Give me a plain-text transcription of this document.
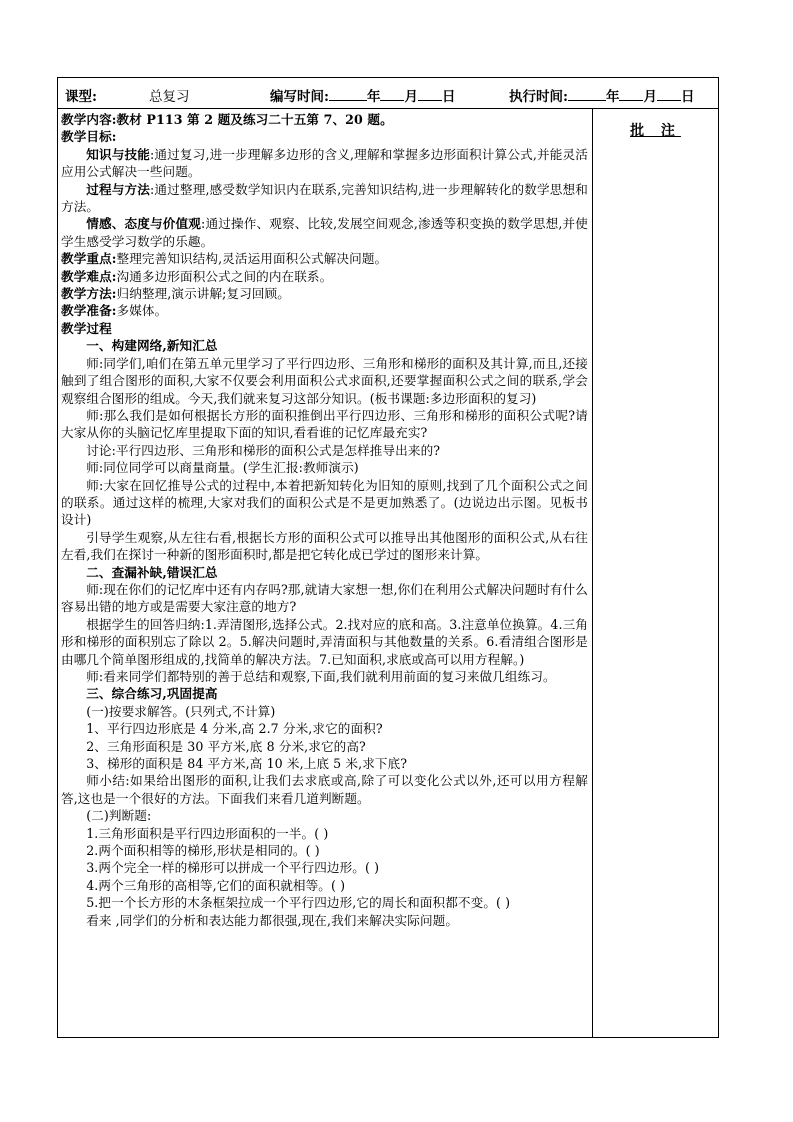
课型:	总复习	编写时间:	年 月 日	执行时间:	年 月 日

教学内容:教材 P113 第 2 题及练习二十五第 7、20 题。

教学目标:

知识与技能:通过复习,进一步理解多边形的含义,理解和掌握多边形面积计算公式,并能灵活应用公式解决一些问题。

过程与方法:通过整理,感受数学知识内在联系,完善知识结构,进一步理解转化的数学思想和方法。

情感、态度与价值观:通过操作、观察、比较,发展空间观念,渗透等积变换的数学思想,并使学生感受学习数学的乐趣。

教学重点:整理完善知识结构,灵活运用面积公式解决问题。

教学难点:沟通多边形面积公式之间的内在联系。

教学方法:归纳整理,演示讲解;复习回顾。

教学准备:多媒体。

教学过程

一、构建网络,新知汇总

师:同学们,咱们在第五单元里学习了平行四边形、三角形和梯形的面积及其计算,而且,还接触到了组合图形的面积,大家不仅要会利用面积公式求面积,还要掌握面积公式之间的联系,学会观察组合图形的组成。今天,我们就来复习这部分知识。(板书课题:多边形面积的复习)

师:那么我们是如何根据长方形的面积推倒出平行四边形、三角形和梯形的面积公式呢?请大家从你的头脑记忆库里提取下面的知识,看看谁的记忆库最充实?

讨论:平行四边形、三角形和梯形的面积公式是怎样推导出来的?

师:同位同学可以商量商量。(学生汇报:教师演示)

师:大家在回忆推导公式的过程中,本着把新知转化为旧知的原则,找到了几个面积公式之间的联系。通过这样的梳理,大家对我们的面积公式是不是更加熟悉了。(边说边出示图。见板书设计)

引导学生观察,从左往右看,根据长方形的面积公式可以推导出其他图形的面积公式,从右往左看,我们在探讨一种新的图形面积时,都是把它转化成已学过的图形来计算。

二、查漏补缺,错误汇总

师:现在你们的记忆库中还有内存吗?那,就请大家想一想,你们在利用公式解决问题时有什么容易出错的地方或是需要大家注意的地方?

根据学生的回答归纳:1.弄清图形,选择公式。2.找对应的底和高。3.注意单位换算。4.三角形和梯形的面积别忘了除以 2。5.解决问题时,弄清面积与其他数量的关系。6.看清组合图形是由哪几个简单图形组成的,找简单的解决方法。7.已知面积,求底或高可以用方程解。)

师:看来同学们都特别的善于总结和观察,下面,我们就利用前面的复习来做几组练习。

三、综合练习,巩固提高

(一)按要求解答。(只列式,不计算)

1、平行四边形底是 4 分米,高 2.7 分米,求它的面积?

2、三角形面积是 30 平方米,底 8 分米,求它的高?

3、梯形的面积是 84 平方米,高 10 米,上底 5 米,求下底?

师小结:如果给出图形的面积,让我们去求底或高,除了可以变化公式以外,还可以用方程解答,这也是一个很好的方法。下面我们来看几道判断题。

(二)判断题:

1.三角形面积是平行四边形面积的一半。( )

2.两个面积相等的梯形,形状是相同的。( )

3.两个完全一样的梯形可以拼成一个平行四边形。( )

4.两个三角形的高相等,它们的面积就相等。( )

5.把一个长方形的木条框架拉成一个平行四边形,它的周长和面积都不变。( )

看来 ,同学们的分析和表达能力都很强,现在,我们来解决实际问题。

批 注
